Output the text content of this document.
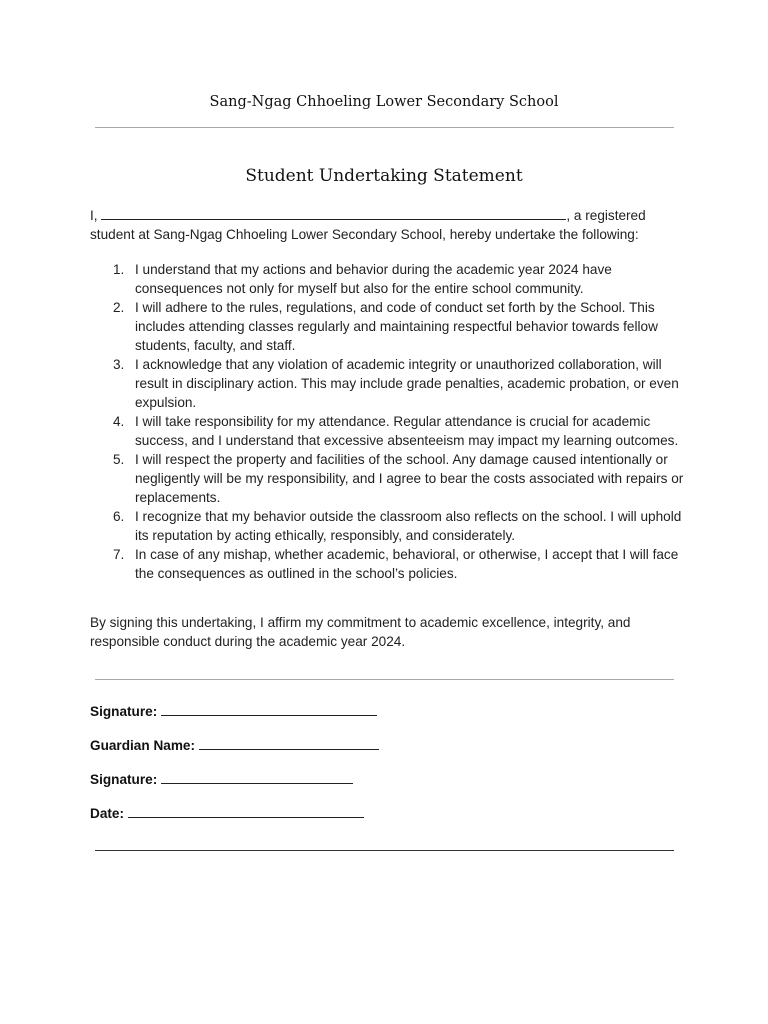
Sang-Ngag Chhoeling Lower Secondary School
Student Undertaking Statement
I,	, a registered student at Sang-Ngag Chhoeling Lower Secondary School, hereby undertake the following:
1. I understand that my actions and behavior during the academic year 2024 have consequences not only for myself but also for the entire school community.
2. I will adhere to the rules, regulations, and code of conduct set forth by the School. This includes attending classes regularly and maintaining respectful behavior towards fellow students, faculty, and staff.
3. I acknowledge that any violation of academic integrity or unauthorized collaboration, will result in disciplinary action. This may include grade penalties, academic probation, or even expulsion.
4. I will take responsibility for my attendance. Regular attendance is crucial for academic success, and I understand that excessive absenteeism may impact my learning outcomes.
5. I will respect the property and facilities of the school. Any damage caused intentionally or negligently will be my responsibility, and I agree to bear the costs associated with repairs or replacements.
6. I recognize that my behavior outside the classroom also reflects on the school. I will uphold its reputation by acting ethically, responsibly, and considerately.
7. In case of any mishap, whether academic, behavioral, or otherwise, I accept that I will face the consequences as outlined in the school’s policies.
By signing this undertaking, I affirm my commitment to academic excellence, integrity, and responsible conduct during the academic year 2024.
Signature:
Guardian Name:
Signature:
Date:
